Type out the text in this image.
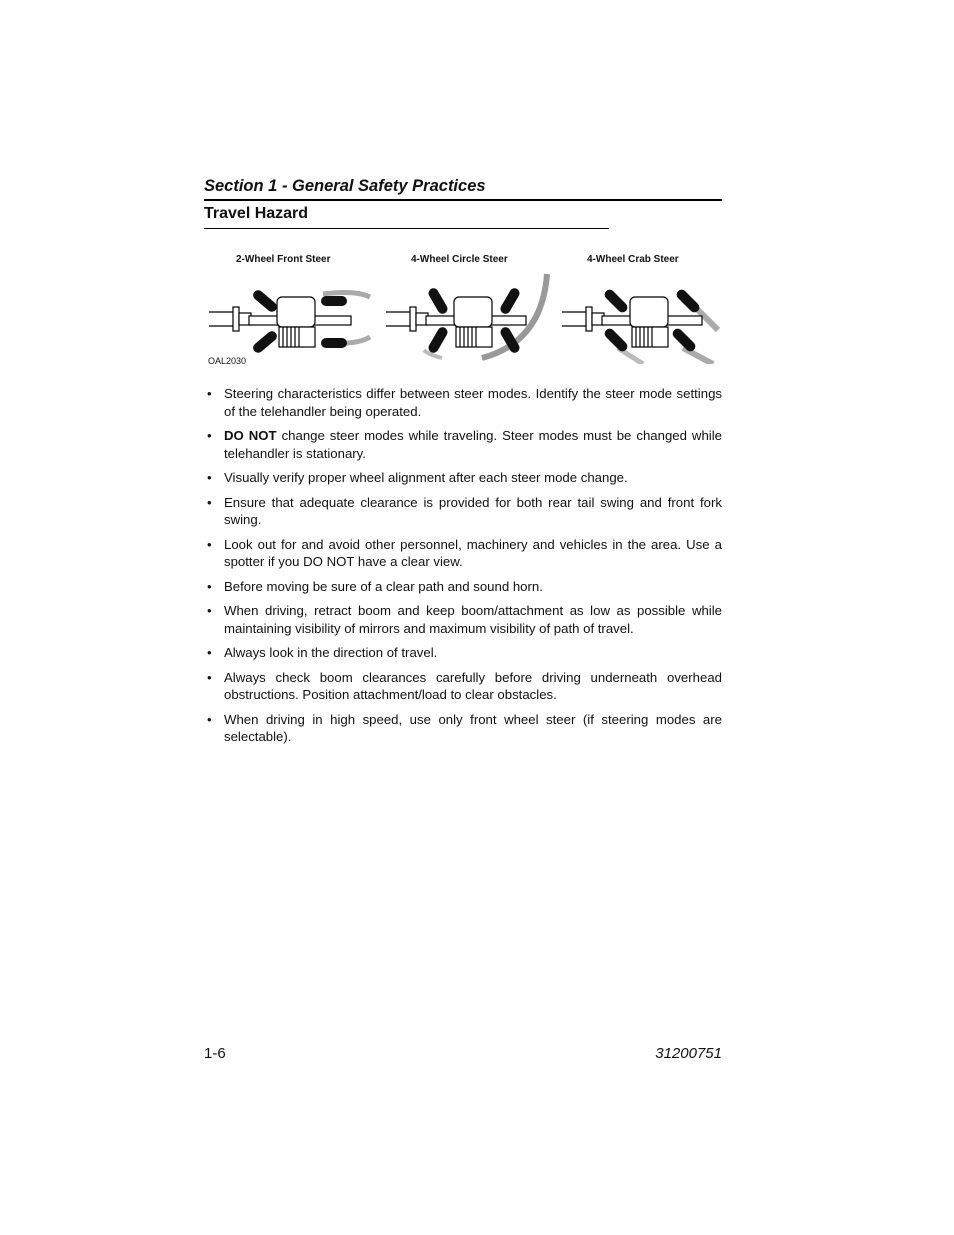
Section 1 - General Safety Practices
Travel Hazard
2-Wheel Front Steer	4-Wheel Circle Steer	4-Wheel Crab Steer
OAL2030
• Steering characteristics differ between steer modes. Identify the steer mode settings of the telehandler being operated.
• DO NOT change steer modes while traveling. Steer modes must be changed while telehandler is stationary.
• Visually verify proper wheel alignment after each steer mode change.
• Ensure that adequate clearance is provided for both rear tail swing and front fork swing.
• Look out for and avoid other personnel, machinery and vehicles in the area. Use a spotter if you DO NOT have a clear view.
• Before moving be sure of a clear path and sound horn.
• When driving, retract boom and keep boom/attachment as low as possible while maintaining visibility of mirrors and maximum visibility of path of travel.
• Always look in the direction of travel.
• Always check boom clearances carefully before driving underneath overhead obstructions. Position attachment/load to clear obstacles.
• When driving in high speed, use only front wheel steer (if steering modes are selectable).
1-6	31200751
